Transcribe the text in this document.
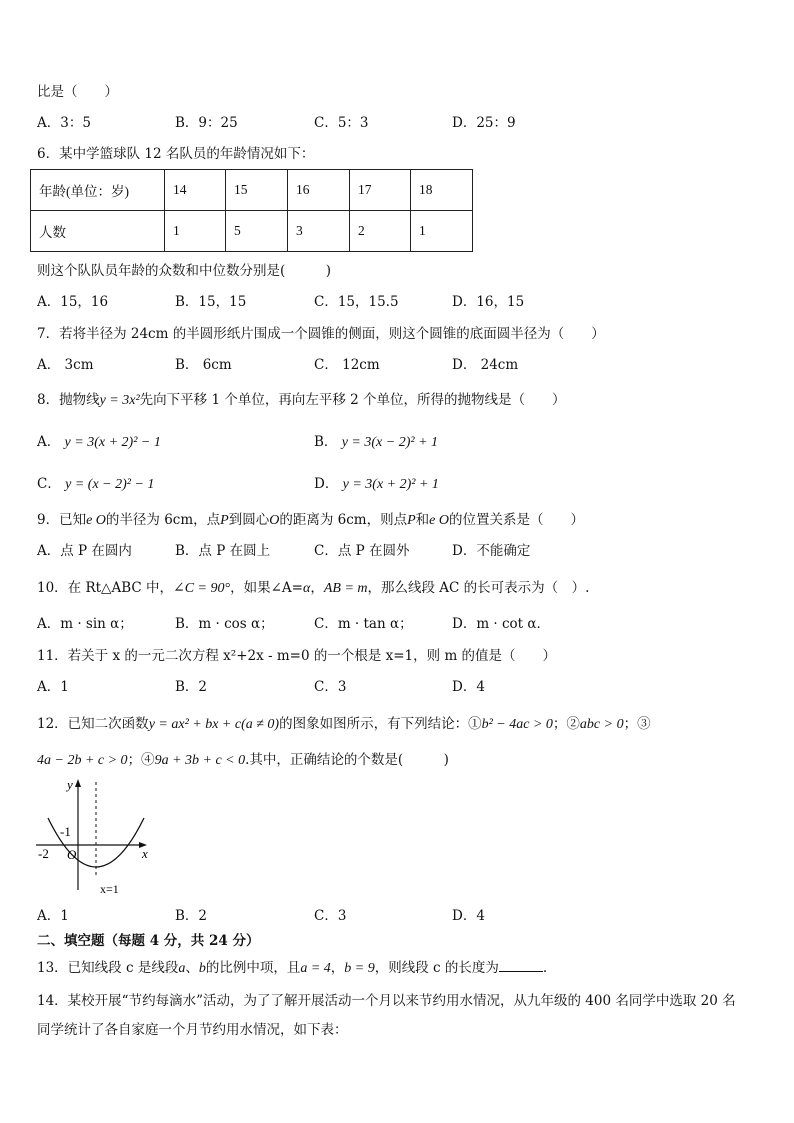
比是（　　）
A．3：5	B．9：25	C．5：3	D．25：9
6．某中学篮球队 12 名队员的年龄情况如下：
年龄(单位：岁)	14	15	16	17	18
人数	1	5	3	2	1
则这个队队员年龄的众数和中位数分别是(　　　)
A．15，16	B．15，15	C．15，15.5	D．16，15
7．若将半径为 24cm 的半圆形纸片围成一个圆锥的侧面，则这个圆锥的底面圆半径为（　　）
A． 3cm	B． 6cm	C． 12cm	D． 24cm
8．抛物线y = 3x²先向下平移 1 个单位，再向左平移 2 个单位，所得的抛物线是（　　）
A． y = 3(x + 2)² − 1	B． y = 3(x − 2)² + 1
C． y = (x − 2)² − 1	D． y = 3(x + 2)² + 1
9．已知e O的半径为 6cm，点P到圆心O的距离为 6cm，则点P和e O的位置关系是（　　）
A．点 P 在圆内	B．点 P 在圆上	C．点 P 在圆外	D．不能确定
10．在 Rt△ABC 中，∠C = 90°，如果∠A=α，AB = m，那么线段 AC 的长可表示为（　）.
A．m · sin α；	B．m · cos α；	C．m · tan α；	D．m · cot α．
11．若关于 x 的一元二次方程 x²+2x - m=0 的一个根是 x=1，则 m 的值是（　　）
A．1	B．2	C．3	D．4
12．已知二次函数y = ax² + bx + c(a ≠ 0)的图象如图所示，有下列结论：①b² − 4ac > 0；②abc > 0；③
4a − 2b + c > 0；④9a + 3b + c < 0.其中，正确结论的个数是(　　　)
y
x
O
-1
-2
x=1
A．1	B．2	C．3	D．4
二、填空题（每题 4 分，共 24 分）
13．已知线段 c 是线段a、b的比例中项，且a = 4，b = 9，则线段 c 的长度为	.
14．某校开展“节约每滴水”活动，为了了解开展活动一个月以来节约用水情况，从九年级的 400 名同学中选取 20 名
同学统计了各自家庭一个月节约用水情况，如下表：
